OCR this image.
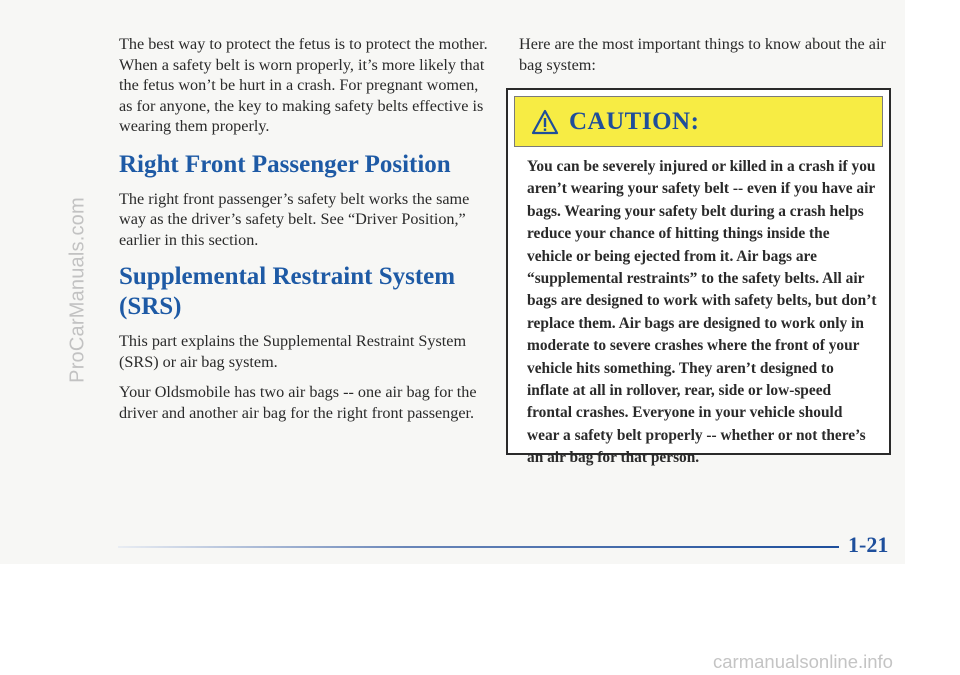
ProCarManuals.com

The best way to protect the fetus is to protect the mother. When a safety belt is worn properly, it’s more likely that the fetus won’t be hurt in a crash. For pregnant women, as for anyone, the key to making safety belts effective is wearing them properly.

Right Front Passenger Position

The right front passenger’s safety belt works the same way as the driver’s safety belt. See “Driver Position,” earlier in this section.

Supplemental Restraint System (SRS)

This part explains the Supplemental Restraint System (SRS) or air bag system.

Your Oldsmobile has two air bags -- one air bag for the driver and another air bag for the right front passenger.

Here are the most important things to know about the air bag system:

CAUTION:

You can be severely injured or killed in a crash if you aren’t wearing your safety belt -- even if you have air bags. Wearing your safety belt during a crash helps reduce your chance of hitting things inside the vehicle or being ejected from it. Air bags are “supplemental restraints” to the safety belts. All air bags are designed to work with safety belts, but don’t replace them. Air bags are designed to work only in moderate to severe crashes where the front of your vehicle hits something. They aren’t designed to inflate at all in rollover, rear, side or low-speed frontal crashes. Everyone in your vehicle should wear a safety belt properly -- whether or not there’s an air bag for that person.

1-21
carmanualsonline.info
